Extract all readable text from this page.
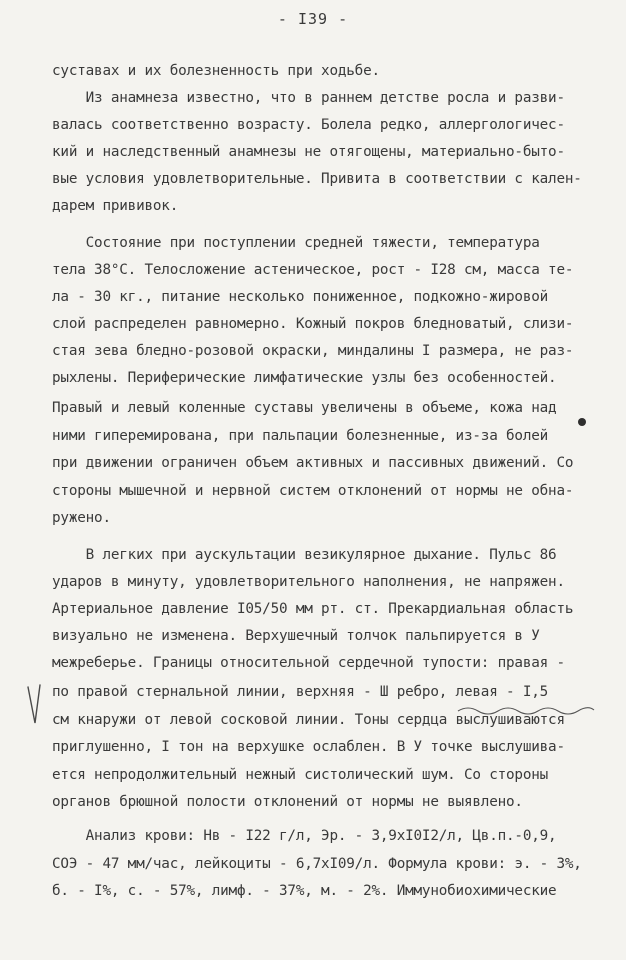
- I39 -
суставах и их болезненность при ходьбе.
Из анамнеза известно, что в раннем детстве росла и разви-
валась соответственно возрасту. Болела редко, аллергологичес-
кий и наследственный анамнезы не отягощены, материально-быто-
вые условия удовлетворительные. Привита в соответствии с кален-
дарем прививок.
Состояние при поступлении средней тяжести, температура
тела 38°С. Телосложение астеническое, рост - I28 см, масса те-
ла - 30 кг., питание несколько пониженное, подкожно-жировой
слой распределен равномерно. Кожный покров бледноватый, слизи-
стая зева бледно-розовой окраски, миндалины I размера, не раз-
рыхлены. Периферические лимфатические узлы без особенностей.
Правый и левый коленные суставы увеличены в объеме, кожа над
ними гиперемирована, при пальпации болезненные, из-за болей
при движении ограничен объем активных и пассивных движений. Со
стороны мышечной и нервной систем отклонений от нормы не обна-
ружено.
В легких при аускультации везикулярное дыхание. Пульс 86
ударов в минуту, удовлетворительного наполнения, не напряжен.
Артериальное давление I05/50 мм рт. ст. Прекардиальная область
визуально не изменена. Верхушечный толчок пальпируется в У
межреберье. Границы относительной сердечной тупости: правая -
по правой стернальной линии, верхняя - Ш ребро, левая - I,5
см кнаружи от левой сосковой линии. Тоны сердца выслушиваются
приглушенно, I тон на верхушке ослаблен. В У точке выслушива-
ется непродолжительный нежный систолический шум. Со стороны
органов брюшной полости отклонений от нормы не выявлено.
Анализ крови: Нв - I22 г/л, Эр. - 3,9хI0I2/л, Цв.п.-0,9,
СОЭ - 47 мм/час, лейкоциты - 6,7хI09/л. Формула крови: э. - 3%,
б. - I%, с. - 57%, лимф. - 37%, м. - 2%. Иммунобиохимические
